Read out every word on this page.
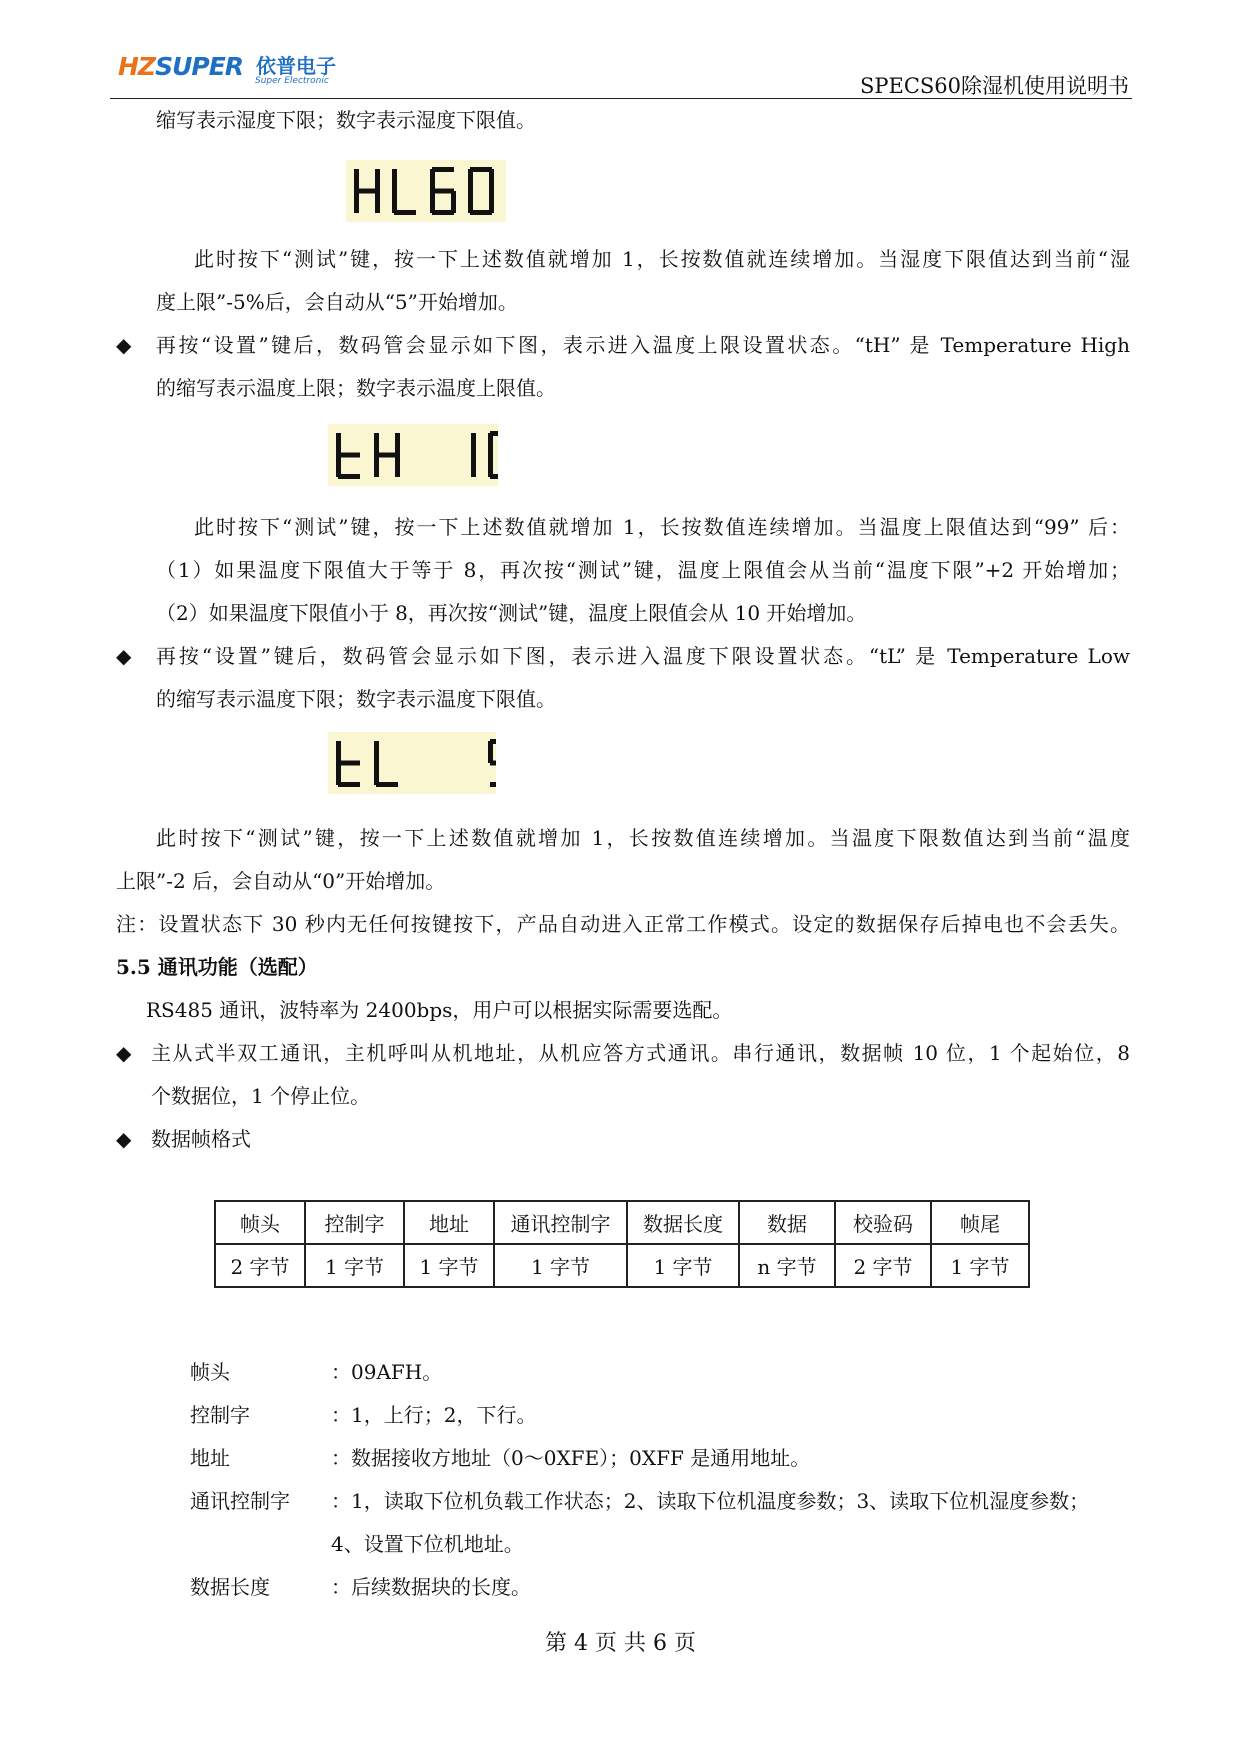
HZSUPER 依普电子
Super Electronic	SPECS60除湿机使用说明书
缩写表示湿度下限；数字表示湿度下限值。
此时按下“测试”键，按一下上述数值就增加 1，长按数值就连续增加。当湿度下限值达到当前“湿
度上限”-5%后，会自动从“5”开始增加。
◆ 再按“设置”键后，数码管会显示如下图，表示进入温度上限设置状态。“tH” 是 Temperature High
的缩写表示温度上限；数字表示温度上限值。
此时按下“测试”键，按一下上述数值就增加 1，长按数值连续增加。当温度上限值达到“99” 后：
（1）如果温度下限值大于等于 8，再次按“测试”键，温度上限值会从当前“温度下限”+2 开始增加；
（2）如果温度下限值小于 8，再次按“测试”键，温度上限值会从 10 开始增加。
◆ 再按“设置”键后，数码管会显示如下图，表示进入温度下限设置状态。“tL” 是 Temperature Low
的缩写表示温度下限；数字表示温度下限值。
此时按下“测试”键，按一下上述数值就增加 1，长按数值连续增加。当温度下限数值达到当前“温度
上限”-2 后，会自动从“0”开始增加。
注：设置状态下 30 秒内无任何按键按下，产品自动进入正常工作模式。设定的数据保存后掉电也不会丢失。
5.5 通讯功能（选配）
RS485 通讯，波特率为 2400bps，用户可以根据实际需要选配。
◆ 主从式半双工通讯，主机呼叫从机地址，从机应答方式通讯。串行通讯，数据帧 10 位，1 个起始位，8
个数据位，1 个停止位。
◆ 数据帧格式
帧头	控制字	地址	通讯控制字	数据长度	数据	校验码	帧尾
2 字节	1 字节	1 字节	1 字节	1 字节	n 字节	2 字节	1 字节
帧头	：09AFH。
控制字	：1，上行；2，下行。
地址	：数据接收方地址（0～0XFE）；0XFF 是通用地址。
通讯控制字 ：1，读取下位机负载工作状态；2、读取下位机温度参数；3、读取下位机湿度参数；
4、设置下位机地址。
数据长度	：后续数据块的长度。
第 4 页 共 6 页
